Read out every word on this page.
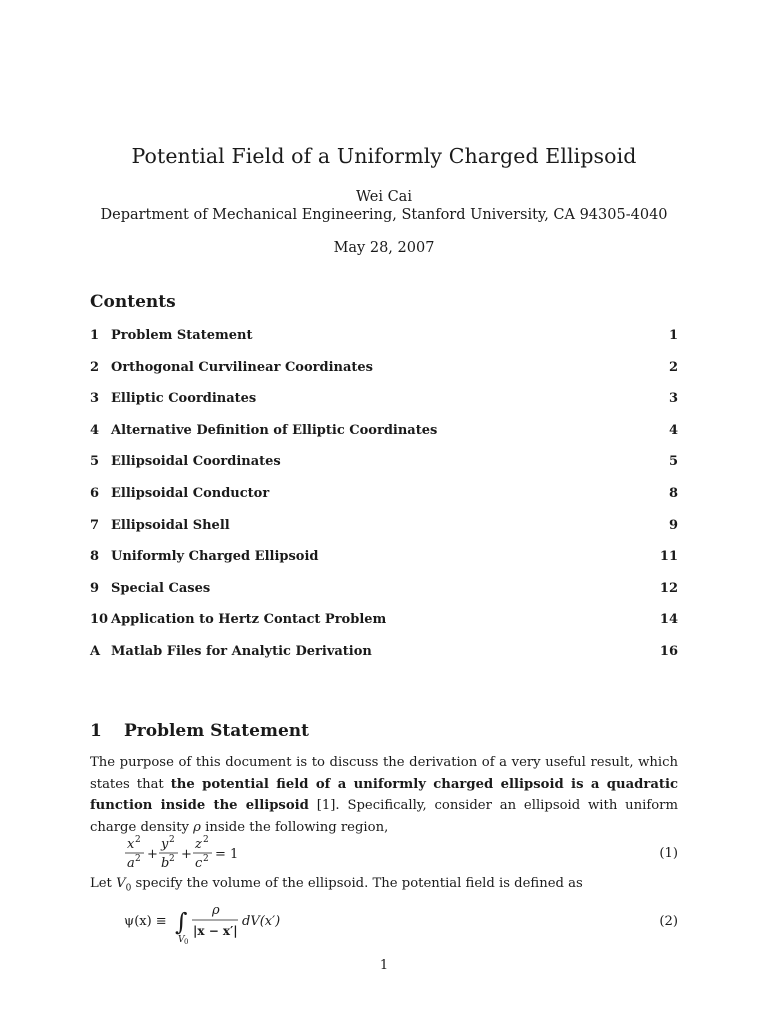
Potential Field of a Uniformly Charged Ellipsoid
Wei Cai
Department of Mechanical Engineering, Stanford University, CA 94305-4040
May 28, 2007
Contents
1 Problem Statement	1
2 Orthogonal Curvilinear Coordinates	2
3 Elliptic Coordinates	3
4 Alternative Definition of Elliptic Coordinates	4
5 Ellipsoidal Coordinates	5
6 Ellipsoidal Conductor	8
7 Ellipsoidal Shell	9
8 Uniformly Charged Ellipsoid	11
9 Special Cases	12
10 Application to Hertz Contact Problem	14
A Matlab Files for Analytic Derivation	16
1 Problem Statement
The purpose of this document is to discuss the derivation of a very useful result, which states that the potential field of a uniformly charged ellipsoid is a quadratic function inside the ellipsoid [1]. Specifically, consider an ellipsoid with uniform charge density ρ inside the following region,
x 2
a 2 +
y 2
b 2 +
z 2
c 2 = 1	(1)
Let $V_0$ specify the volume of the ellipsoid. The potential field is defined as
ψ(x) ≡ ∫
V 0
ρ
|x − x′|
dV(x′)	(2)
1
